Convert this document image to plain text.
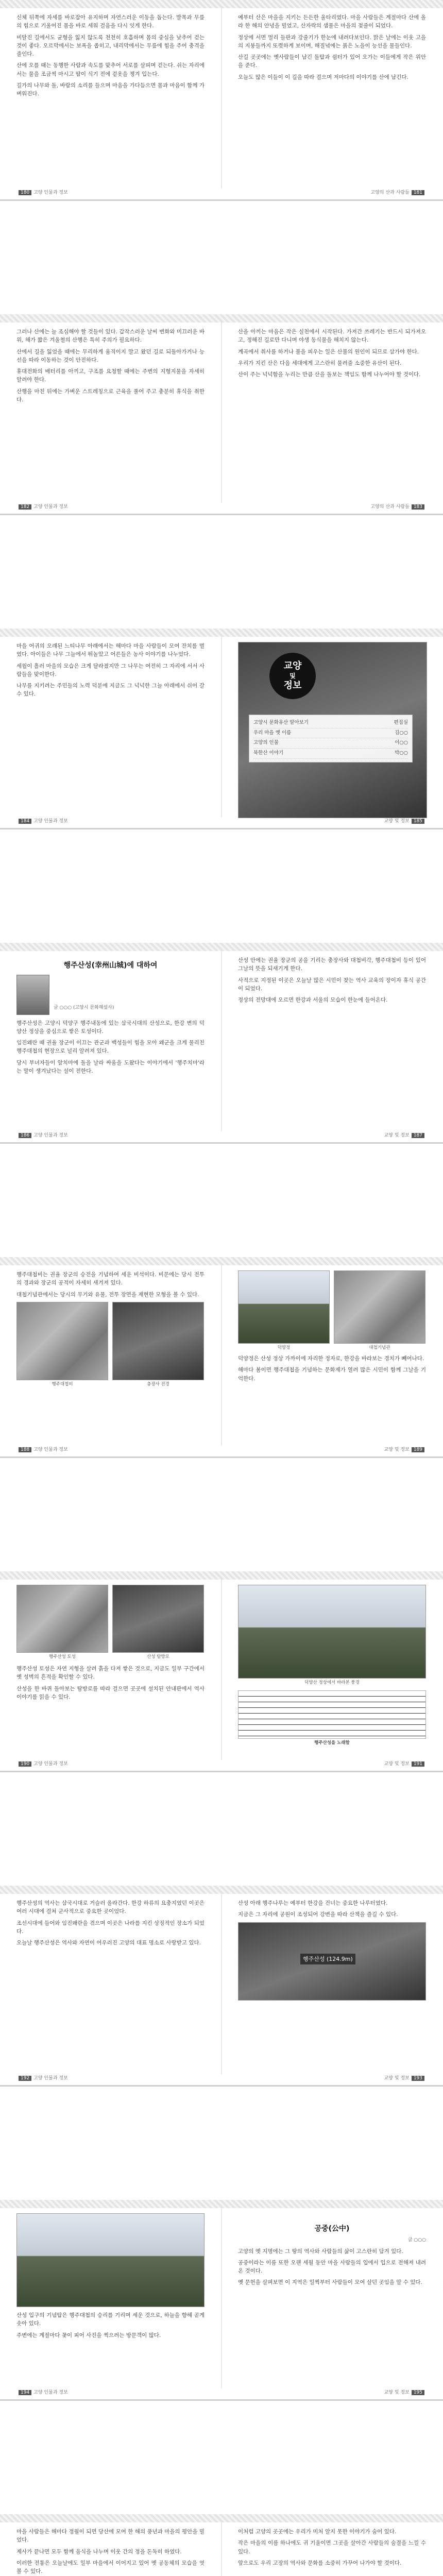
신체 뒤쪽에 자세를 바로잡아 유지하며 자연스러운 이동을 돕는다. 발목과 무릎의 힘으로 기울어진 몸을 바로 세워 걸음을 다시 잇게 한다.

비탈진 길에서도 균형을 잃지 않도록 천천히 호흡하며 몸의 중심을 낮추어 걷는 것이 좋다. 오르막에서는 보폭을 좁히고, 내리막에서는 무릎에 힘을 주어 충격을 줄인다.

산에 오를 때는 동행한 사람과 속도를 맞추어 서로를 살피며 걷는다. 쉬는 자리에서는 물을 조금씩 마시고 땀이 식기 전에 겉옷을 챙겨 입는다.

길가의 나무와 돌, 바람의 소리를 들으며 마음을 가다듬으면 몸과 마음이 함께 가벼워진다.

예부터 산은 마을을 지키는 든든한 울타리였다. 마을 사람들은 계절마다 산에 올라 한 해의 안녕을 빌었고, 산자락의 샘물은 마을의 젖줄이 되었다.

정상에 서면 멀리 들판과 강줄기가 한눈에 내려다보인다. 맑은 날에는 이웃 고을의 지붕들까지 또렷하게 보이며, 해질녘에는 붉은 노을이 능선을 물들인다.

산길 곳곳에는 옛사람들이 남긴 돌탑과 쉼터가 있어 오가는 이들에게 작은 위안을 준다.

오늘도 많은 이들이 이 길을 따라 걸으며 저마다의 이야기를 산에 남긴다.

180 고양 인물과 정보	고양의 산과 사람들 181

그러나 산에는 늘 조심해야 할 것들이 있다. 갑작스러운 날씨 변화와 미끄러운 바위, 해가 짧은 겨울철의 산행은 특히 주의가 필요하다.

산에서 길을 잃었을 때에는 무리하게 움직이지 말고 왔던 길로 되돌아가거나 능선을 따라 이동하는 것이 안전하다.

휴대전화의 배터리를 아끼고, 구조를 요청할 때에는 주변의 지형지물을 자세히 알려야 한다.

산행을 마친 뒤에는 가벼운 스트레칭으로 근육을 풀어 주고 충분히 휴식을 취한다.

산을 아끼는 마음은 작은 실천에서 시작된다. 가져간 쓰레기는 반드시 되가져오고, 정해진 길로만 다니며 야생 동식물을 해치지 않는다.

계곡에서 취사를 하거나 불을 피우는 일은 산불의 원인이 되므로 삼가야 한다.

우리가 지킨 산은 다음 세대에게 고스란히 물려줄 소중한 유산이 된다.

산이 주는 넉넉함을 누리는 만큼 산을 돌보는 책임도 함께 나누어야 할 것이다.

182 고양 인물과 정보	고양의 산과 사람들 183

마을 어귀의 오래된 느티나무 아래에서는 해마다 마을 사람들이 모여 잔치를 벌였다. 아이들은 나무 그늘에서 뛰놀았고 어른들은 농사 이야기를 나누었다.

세월이 흘러 마을의 모습은 크게 달라졌지만 그 나무는 여전히 그 자리에 서서 사람들을 맞이한다.

나무를 지키려는 주민들의 노력 덕분에 지금도 그 넉넉한 그늘 아래에서 쉬어 갈 수 있다.

교양
및
정보
고양시 문화유산 알아보기	편집실
우리 마을 옛 이름	김○○
고양의 인물	이○○
북한산 이야기	박○○
184 고양 인물과 정보	교양 및 정보 185
행주산성(幸州山城)에 대하여
글 ○○○ (고양시 문화해설사)

행주산성은 고양시 덕양구 행주내동에 있는 삼국시대의 산성으로, 한강 변의 덕양산 정상을 중심으로 쌓은 토성이다.

임진왜란 때 권율 장군이 이끄는 관군과 백성들이 힘을 모아 왜군을 크게 물리친 행주대첩의 현장으로 널리 알려져 있다.

당시 부녀자들이 앞치마에 돌을 날라 싸움을 도왔다는 이야기에서 '행주치마'라는 말이 생겨났다는 설이 전한다.

산성 안에는 권율 장군의 공을 기리는 충장사와 대첩비각, 행주대첩비 등이 있어 그날의 뜻을 되새기게 한다.

사적으로 지정된 이곳은 오늘날 많은 시민이 찾는 역사 교육의 장이자 휴식 공간이 되었다.

정상의 전망대에 오르면 한강과 서울의 모습이 한눈에 들어온다.

186 고양 인물과 정보	교양 및 정보 187

행주대첩비는 권율 장군의 승전을 기념하여 세운 비석이다. 비문에는 당시 전투의 경과와 장군의 공적이 자세히 새겨져 있다.

대첩기념관에서는 당시의 무기와 유물, 전투 장면을 재현한 모형을 볼 수 있다.

행주대첩비	충장사 전경
덕양정	대첩기념관

덕양정은 산성 정상 가까이에 자리한 정자로, 한강을 바라보는 경치가 빼어나다.

해마다 봄이면 행주대첩을 기념하는 문화제가 열려 많은 시민이 함께 그날을 기억한다.

188 고양 인물과 정보	교양 및 정보 189
행주산성 토성	산성 탐방로

행주산성 토성은 자연 지형을 살려 흙을 다져 쌓은 것으로, 지금도 일부 구간에서 옛 성벽의 흔적을 확인할 수 있다.

산성을 한 바퀴 돌아보는 탐방로를 따라 걸으면 곳곳에 설치된 안내판에서 역사 이야기를 읽을 수 있다.

덕양산 정상에서 바라본 풍경
행주산성을 노래함
190 고양 인물과 정보	교양 및 정보 191

행주산성의 역사는 삼국시대로 거슬러 올라간다. 한강 하류의 요충지였던 이곳은 여러 시대에 걸쳐 군사적으로 중요한 곳이었다.

조선시대에 들어와 임진왜란을 겪으며 이곳은 나라를 지킨 상징적인 장소가 되었다.

오늘날 행주산성은 역사와 자연이 어우러진 고양의 대표 명소로 사랑받고 있다.

산성 아래 행주나루는 예부터 한강을 건너는 중요한 나루터였다.

지금은 그 자리에 공원이 조성되어 강변을 따라 산책을 즐길 수 있다.

행주산성 (124.9m)
192 고양 인물과 정보	교양 및 정보 193

산성 입구의 기념탑은 행주대첩의 승리를 기리며 세운 것으로, 하늘을 향해 곧게 솟아 있다.

주변에는 계절마다 꽃이 피어 사진을 찍으려는 방문객이 많다.

공중(公中)
글 ○○○

고양의 옛 지명에는 그 땅의 역사와 사람들의 삶이 고스란히 담겨 있다.

공중이라는 이름 또한 오랜 세월 동안 마을 사람들의 입에서 입으로 전해져 내려온 것이다.

옛 문헌을 살펴보면 이 지역은 일찍부터 사람들이 모여 살던 곳임을 알 수 있다.

194 고양 인물과 정보	교양 및 정보 195

마을 사람들은 해마다 정월이 되면 당산에 모여 한 해의 풍년과 마을의 평안을 빌었다.

제사가 끝나면 모두 함께 음식을 나누며 이웃 간의 정을 돈독히 하였다.

이러한 전통은 오늘날에도 일부 마을에서 이어지고 있어 옛 공동체의 모습을 엿볼 수 있다.

이처럼 고양의 곳곳에는 우리가 미처 알지 못한 이야기가 숨어 있다.

작은 마을의 이름 하나에도 귀 기울이면 그곳을 살아간 사람들의 숨결을 느낄 수 있다.

앞으로도 우리 고장의 역사와 문화를 소중히 가꾸어 나가야 할 것이다.
